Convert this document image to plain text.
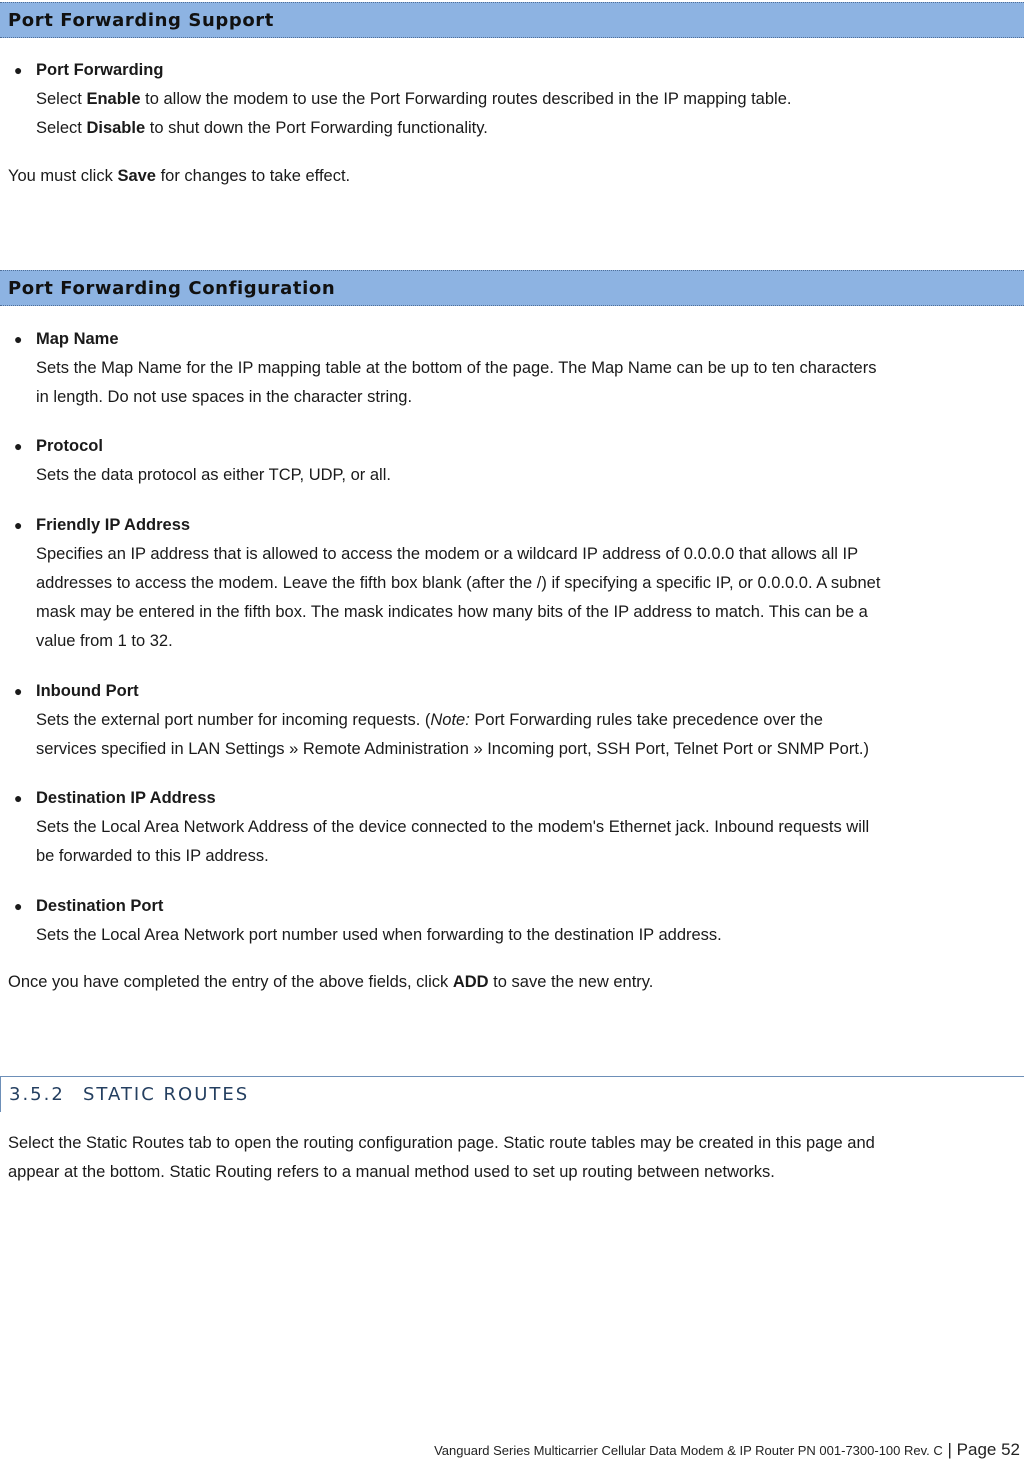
Port Forwarding Support
● Port Forwarding
Select Enable to allow the modem to use the Port Forwarding routes described in the IP mapping table.
Select Disable to shut down the Port Forwarding functionality.
You must click Save for changes to take effect.
Port Forwarding Configuration
● Map Name
Sets the Map Name for the IP mapping table at the bottom of the page. The Map Name can be up to ten characters
in length. Do not use spaces in the character string.
● Protocol
Sets the data protocol as either TCP, UDP, or all.
● Friendly IP Address
Specifies an IP address that is allowed to access the modem or a wildcard IP address of 0.0.0.0 that allows all IP
addresses to access the modem. Leave the fifth box blank (after the /) if specifying a specific IP, or 0.0.0.0. A subnet
mask may be entered in the fifth box. The mask indicates how many bits of the IP address to match. This can be a
value from 1 to 32.
● Inbound Port
Sets the external port number for incoming requests. (Note: Port Forwarding rules take precedence over the
services specified in LAN Settings » Remote Administration » Incoming port, SSH Port, Telnet Port or SNMP Port.)
● Destination IP Address
Sets the Local Area Network Address of the device connected to the modem's Ethernet jack. Inbound requests will
be forwarded to this IP address.
● Destination Port
Sets the Local Area Network port number used when forwarding to the destination IP address.
Once you have completed the entry of the above fields, click ADD to save the new entry.
3.5.2 STATIC ROUTES
Select the Static Routes tab to open the routing configuration page. Static route tables may be created in this page and
appear at the bottom. Static Routing refers to a manual method used to set up routing between networks.
Vanguard Series Multicarrier Cellular Data Modem & IP Router PN 001-7300-100 Rev. C | Page 52
